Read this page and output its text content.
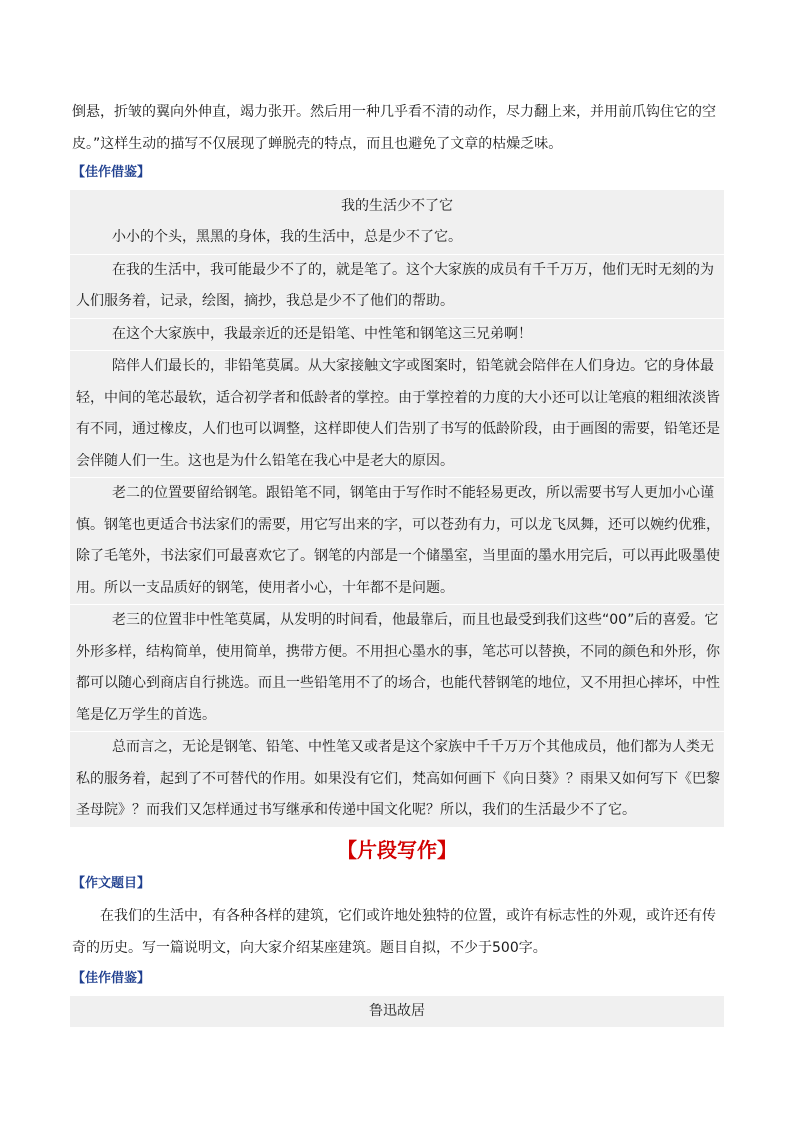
倒悬，折皱的翼向外伸直，竭力张开。然后用一种几乎看不清的动作，尽力翻上来，并用前爪钩住它的空皮。”这样生动的描写不仅展现了蝉脱壳的特点，而且也避免了文章的枯燥乏味。

【佳作借鉴】

我的生活少不了它

小小的个头，黑黑的身体，我的生活中，总是少不了它。

在我的生活中，我可能最少不了的，就是笔了。这个大家族的成员有千千万万，他们无时无刻的为人们服务着，记录，绘图，摘抄，我总是少不了他们的帮助。

在这个大家族中，我最亲近的还是铅笔、中性笔和钢笔这三兄弟啊！

陪伴人们最长的，非铅笔莫属。从大家接触文字或图案时，铅笔就会陪伴在人们身边。它的身体最轻，中间的笔芯最软，适合初学者和低龄者的掌控。由于掌控着的力度的大小还可以让笔痕的粗细浓淡皆有不同，通过橡皮，人们也可以调整，这样即使人们告别了书写的低龄阶段，由于画图的需要，铅笔还是会伴随人们一生。这也是为什么铅笔在我心中是老大的原因。

老二的位置要留给钢笔。跟铅笔不同，钢笔由于写作时不能轻易更改，所以需要书写人更加小心谨慎。钢笔也更适合书法家们的需要，用它写出来的字，可以苍劲有力，可以龙飞凤舞，还可以婉约优雅，除了毛笔外，书法家们可最喜欢它了。钢笔的内部是一个储墨室，当里面的墨水用完后，可以再此吸墨使用。所以一支品质好的钢笔，使用者小心，十年都不是问题。

老三的位置非中性笔莫属，从发明的时间看，他最靠后，而且也最受到我们这些“00”后的喜爱。它外形多样，结构简单，使用简单，携带方便。不用担心墨水的事，笔芯可以替换，不同的颜色和外形，你都可以随心到商店自行挑选。而且一些铅笔用不了的场合，也能代替钢笔的地位，又不用担心摔坏，中性笔是亿万学生的首选。

总而言之，无论是钢笔、铅笔、中性笔又或者是这个家族中千千万万个其他成员，他们都为人类无私的服务着，起到了不可替代的作用。如果没有它们，梵高如何画下《向日葵》？雨果又如何写下《巴黎圣母院》？而我们又怎样通过书写继承和传递中国文化呢？所以，我们的生活最少不了它。

【片段写作】
【作文题目】

在我们的生活中，有各种各样的建筑，它们或许地处独特的位置，或许有标志性的外观，或许还有传奇的历史。写一篇说明文，向大家介绍某座建筑。题目自拟，不少于500字。

【佳作借鉴】
鲁迅故居
